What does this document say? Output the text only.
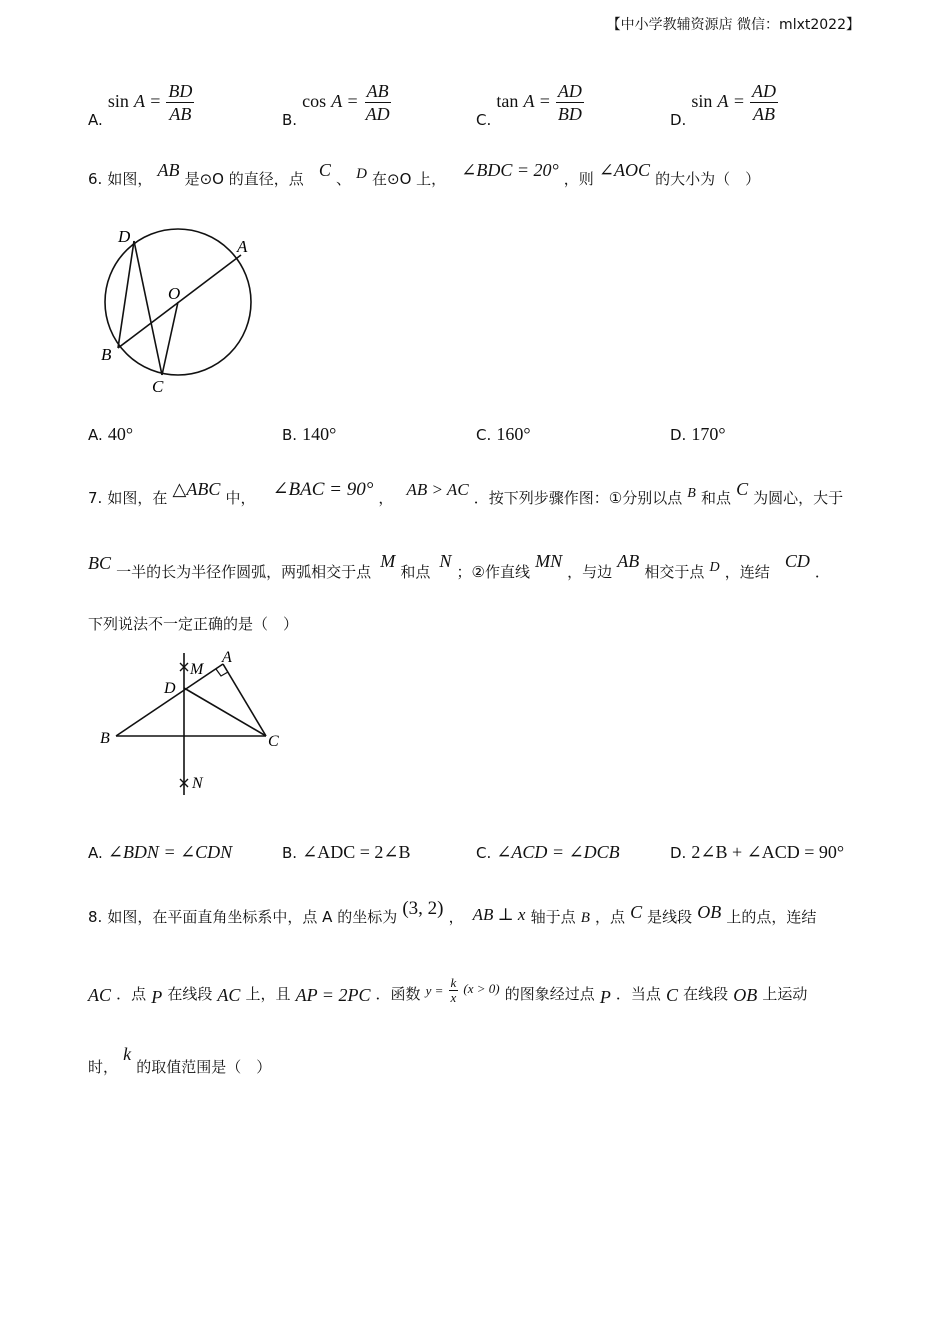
【中小学教辅资源店 微信：mlxt2022】
A. $\sin A = \frac{BD}{AB}$	B. $\cos A = \frac{AB}{AD}$	C. $\tan A = \frac{AD}{BD}$	D. $\sin A = \frac{AD}{AB}$
6. 如图， AB 是⊙O 的直径，点 C 、 D 在⊙O 上， ∠BDC = 20° ，则 ∠AOC 的大小为（　）
D
A
O
B
C
A. 40°	B. 140°	C. 160°	D. 170°
7. 如图，在 △ABC 中， ∠BAC = 90° ， AB > AC ．按下列步骤作图：①分别以点 B 和点 C 为圆心，大于
BC 一半的长为半径作圆弧，两弧相交于点 M 和点 N ；②作直线 MN ，与边 AB 相交于点 D ，连结 CD ．
下列说法不一定正确的是（　）
M
A
D
B	C
N
A. ∠BDN = ∠CDN	B. ∠ADC = 2∠B	C. ∠ACD = ∠DCB	D. 2∠B + ∠ACD = 90°
8. 如图，在平面直角坐标系中，点 A 的坐标为 (3, 2) ， AB ⊥ x 轴于点 B ，点 C 是线段 OB 上的点，连结
AC ．点 P 在线段 AC 上，且 AP = 2PC ．函数 $^{y =} \frac{k}{x} ^{(x > 0)}$ 的图象经过点 P ．当点 C 在线段 OB 上运动
时， k 的取值范围是（　）
